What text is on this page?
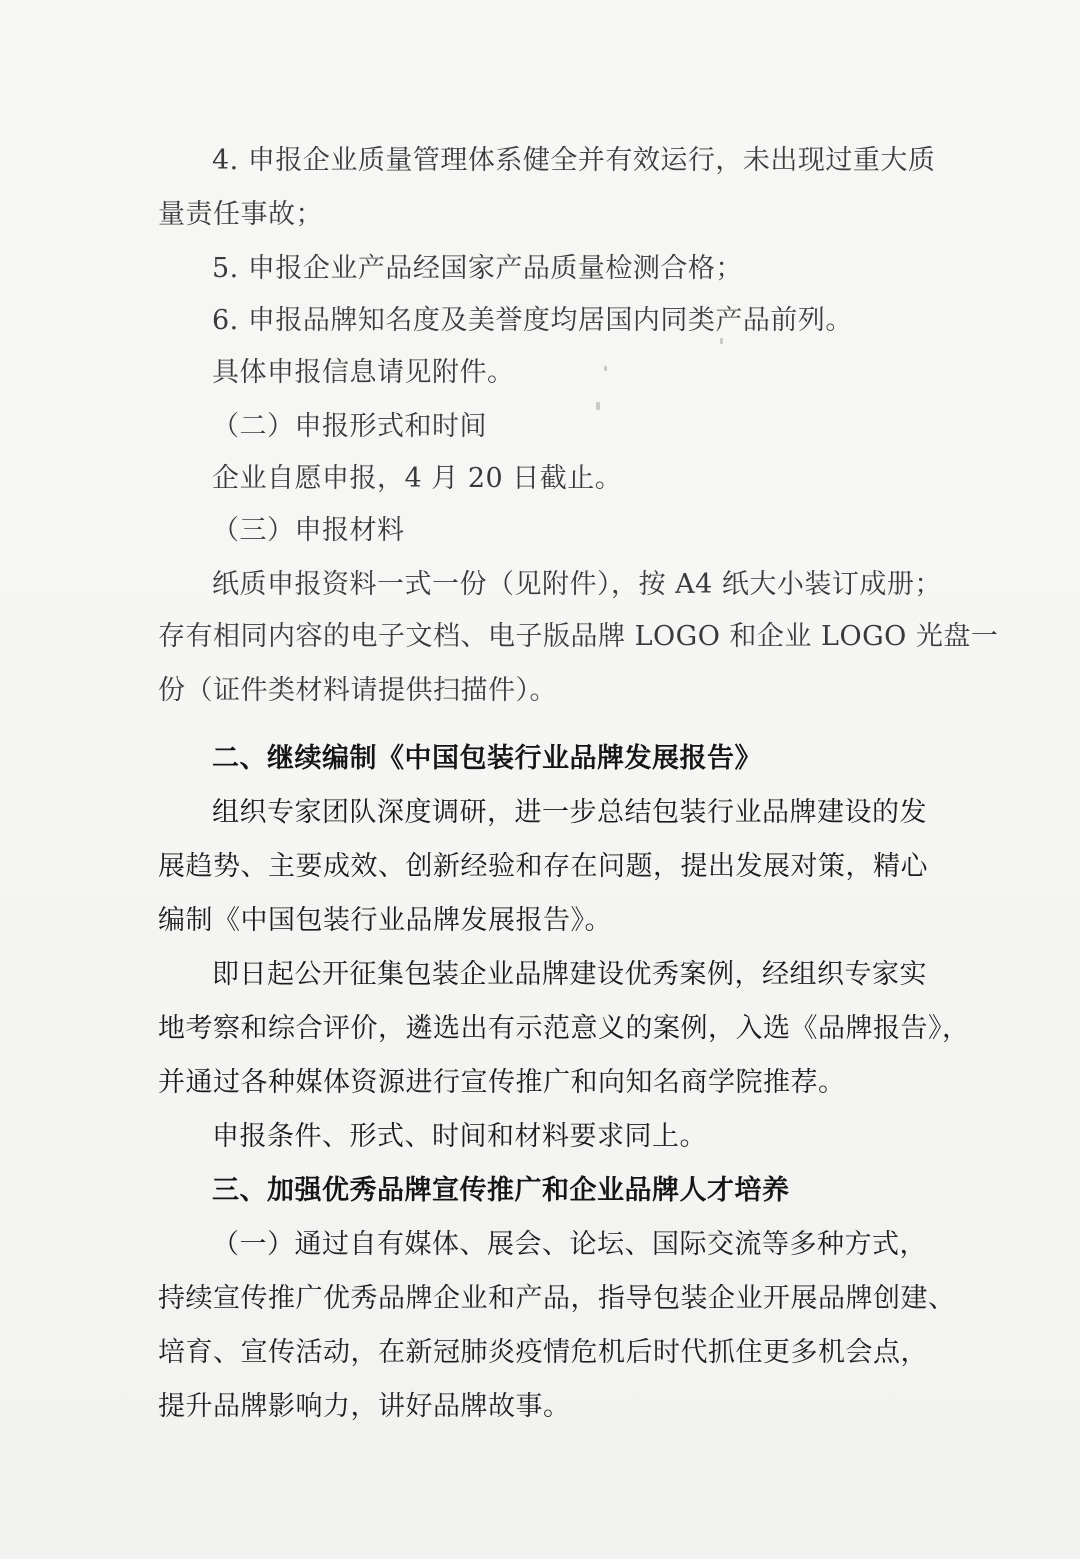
4. 申报企业质量管理体系健全并有效运行，未出现过重大质
量责任事故；
5. 申报企业产品经国家产品质量检测合格；
6. 申报品牌知名度及美誉度均居国内同类产品前列。
具体申报信息请见附件。
（二）申报形式和时间
企业自愿申报，4 月 20 日截止。
（三）申报材料
纸质申报资料一式一份（见附件），按 A4 纸大小装订成册；
存有相同内容的电子文档、电子版品牌 LOGO 和企业 LOGO 光盘一
份（证件类材料请提供扫描件）。
二、继续编制《中国包装行业品牌发展报告》
组织专家团队深度调研，进一步总结包装行业品牌建设的发
展趋势、主要成效、创新经验和存在问题，提出发展对策，精心
编制《中国包装行业品牌发展报告》。
即日起公开征集包装企业品牌建设优秀案例，经组织专家实
地考察和综合评价，遴选出有示范意义的案例，入选《品牌报告》，
并通过各种媒体资源进行宣传推广和向知名商学院推荐。
申报条件、形式、时间和材料要求同上。
三、加强优秀品牌宣传推广和企业品牌人才培养
（一）通过自有媒体、展会、论坛、国际交流等多种方式，
持续宣传推广优秀品牌企业和产品，指导包装企业开展品牌创建、
培育、宣传活动，在新冠肺炎疫情危机后时代抓住更多机会点，
提升品牌影响力，讲好品牌故事。
